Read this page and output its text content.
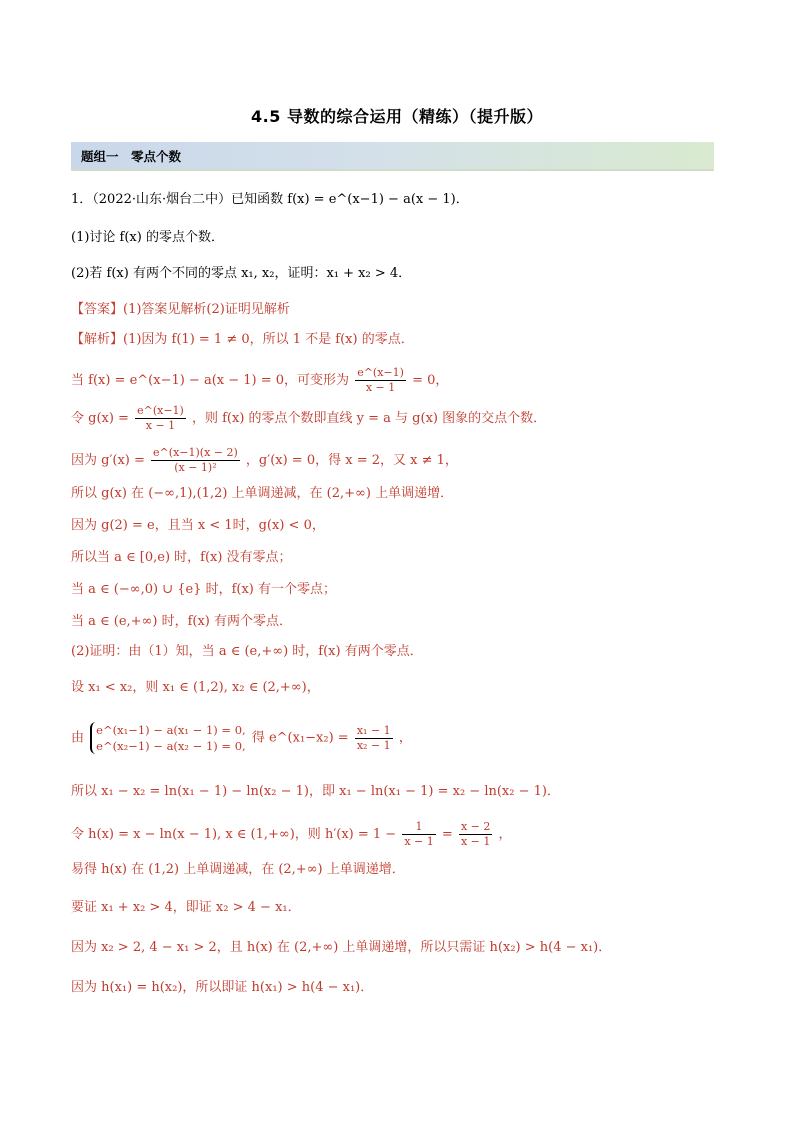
4.5 导数的综合运用（精练）（提升版）
题组一　零点个数
1．（2022·山东·烟台二中）已知函数 f(x) = e^(x−1) − a(x − 1)．
(1)讨论 f(x) 的零点个数．
(2)若 f(x) 有两个不同的零点 x₁, x₂，证明：x₁ + x₂ > 4．
【答案】(1)答案见解析(2)证明见解析
【解析】(1)因为 f(1) = 1 ≠ 0，所以 1 不是 f(x) 的零点．
当 f(x) = e^(x−1) − a(x − 1) = 0，可变形为 $\frac{e\^{}(x-1)}{x - 1} = 0$，
令 $g(x) = \frac{e\^{}(x-1)}{x - 1}$ ，则 f(x) 的零点个数即直线 y = a 与 g(x) 图象的交点个数．
因为 $g'(x) = \frac{e\^{}(x-1)(x - 2)}{\text{(x − 1)²}}$ ，g′(x) = 0，得 x = 2，又 x ≠ 1，
所以 g(x) 在 (−∞,1),(1,2) 上单调递减，在 (2,+∞) 上单调递增．
因为 g(2) = e，且当 x < 1时，g(x) < 0，
所以当 a ∈ [0,e) 时，f(x) 没有零点；
当 a ∈ (−∞,0) ∪ {e} 时，f(x) 有一个零点；
当 a ∈ (e,+∞) 时，f(x) 有两个零点．
(2)证明：由（1）知，当 a ∈ (e,+∞) 时，f(x) 有两个零点．
设 x₁ < x₂，则 x₁ ∈ (1,2), x₂ ∈ (2,+∞)，
由
e^(x₁−1) − a(x₁ − 1) = 0,
e^(x₂−1) − a(x₂ − 1) = 0,
得 e^(x₁−x₂) = $\frac{\text{x₁ − 1}}{\text{x₂ − 1}}$ ，
所以 x₁ − x₂ = ln(x₁ − 1) − ln(x₂ − 1)，即 x₁ − ln(x₁ − 1) = x₂ − ln(x₂ − 1)．
令 h(x) = x − ln(x − 1), x ∈ (1,+∞)，则 $h'(x) = 1 - \frac{1}{x - 1} = \frac{x - 2}{x - 1}$ ，
易得 h(x) 在 (1,2) 上单调递减，在 (2,+∞) 上单调递增．
要证 x₁ + x₂ > 4，即证 x₂ > 4 − x₁．
因为 x₂ > 2, 4 − x₁ > 2，且 h(x) 在 (2,+∞) 上单调递增，所以只需证 h(x₂) > h(4 − x₁)．
因为 h(x₁) = h(x₂)，所以即证 h(x₁) > h(4 − x₁)．
